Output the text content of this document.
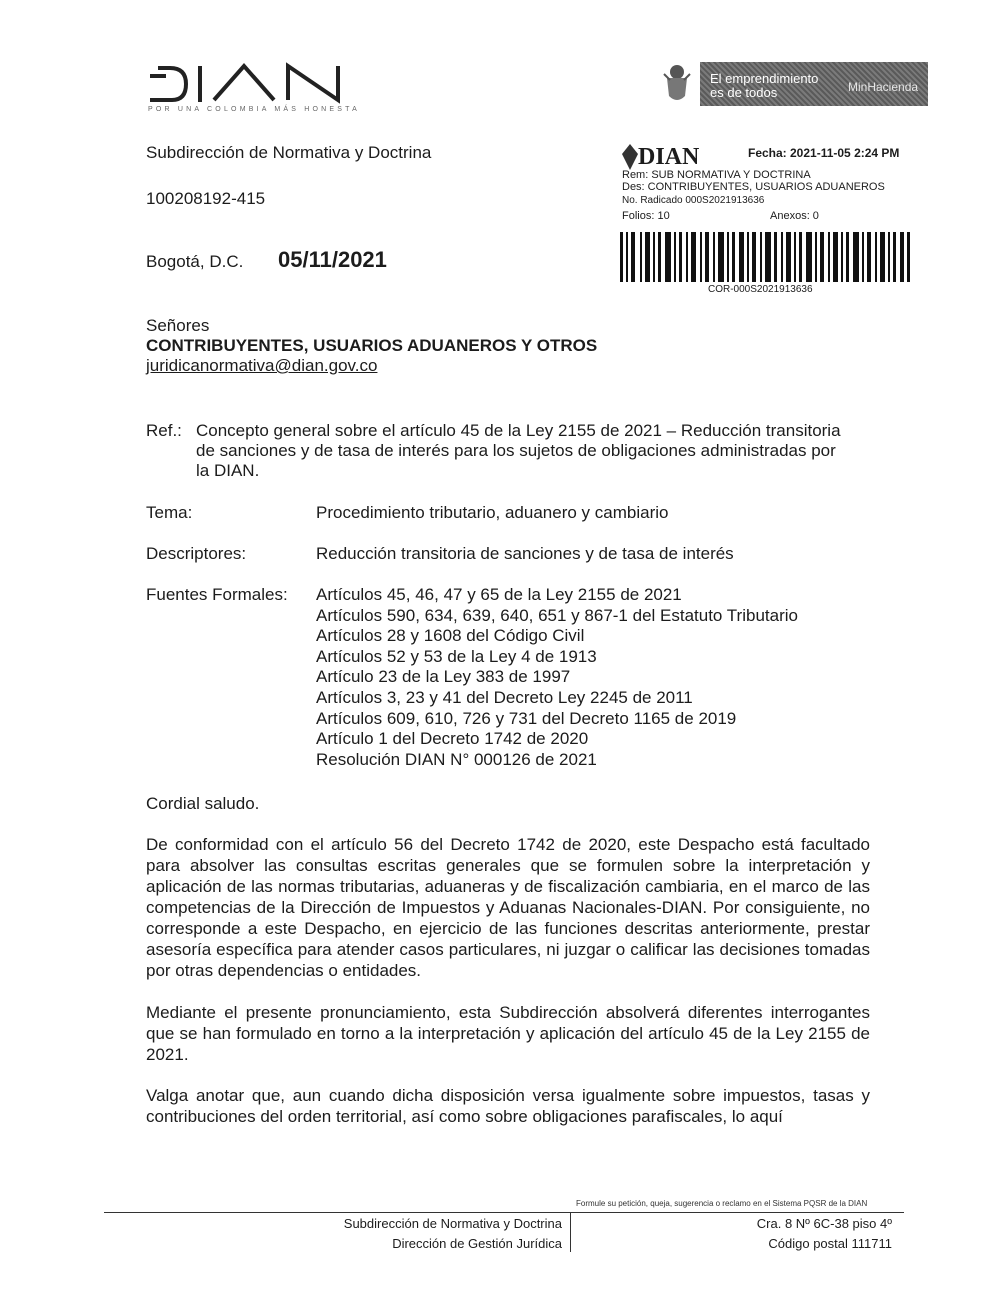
POR UNA COLOMBIA MÁS HONESTA
El emprendimiento
es de todos	MinHacienda
Subdirección de Normativa y Doctrina
100208192-415
Bogotá, D.C. 05/11/2021
DIAN	Fecha: 2021-11-05 2:24 PM
Rem: SUB NORMATIVA Y DOCTRINA
Des: CONTRIBUYENTES, USUARIOS ADUANEROS
No. Radicado 000S2021913636
Folios: 10	Anexos: 0
COR-000S2021913636
Señores
CONTRIBUYENTES, USUARIOS ADUANEROS Y OTROS
juridicanormativa@dian.gov.co
Ref.: Concepto general sobre el artículo 45 de la Ley 2155 de 2021 – Reducción transitoria
de sanciones y de tasa de interés para los sujetos de obligaciones administradas por
la DIAN.
Tema:	Procedimiento tributario, aduanero y cambiario
Descriptores:	Reducción transitoria de sanciones y de tasa de interés
Fuentes Formales: Artículos 45, 46, 47 y 65 de la Ley 2155 de 2021
Artículos 590, 634, 639, 640, 651 y 867-1 del Estatuto Tributario
Artículos 28 y 1608 del Código Civil
Artículos 52 y 53 de la Ley 4 de 1913
Artículo 23 de la Ley 383 de 1997
Artículos 3, 23 y 41 del Decreto Ley 2245 de 2011
Artículos 609, 610, 726 y 731 del Decreto 1165 de 2019
Artículo 1 del Decreto 1742 de 2020
Resolución DIAN N° 000126 de 2021
Cordial saludo.
De conformidad con el artículo 56 del Decreto 1742 de 2020, este Despacho está facultado para absolver las consultas escritas generales que se formulen sobre la interpretación y aplicación de las normas tributarias, aduaneras y de fiscalización cambiaria, en el marco de las competencias de la Dirección de Impuestos y Aduanas Nacionales-DIAN. Por consiguiente, no corresponde a este Despacho, en ejercicio de las funciones descritas anteriormente, prestar asesoría específica para atender casos particulares, ni juzgar o calificar las decisiones tomadas por otras dependencias o entidades.
Mediante el presente pronunciamiento, esta Subdirección absolverá diferentes interrogantes que se han formulado en torno a la interpretación y aplicación del artículo 45 de la Ley 2155 de 2021.
Valga anotar que, aun cuando dicha disposición versa igualmente sobre impuestos, tasas y contribuciones del orden territorial, así como sobre obligaciones parafiscales, lo aquí
Formule su petición, queja, sugerencia o reclamo en el Sistema PQSR de la DIAN
Subdirección de Normativa y Doctrina
Dirección de Gestión Jurídica
Cra. 8 Nº 6C-38 piso 4º
Código postal 111711
